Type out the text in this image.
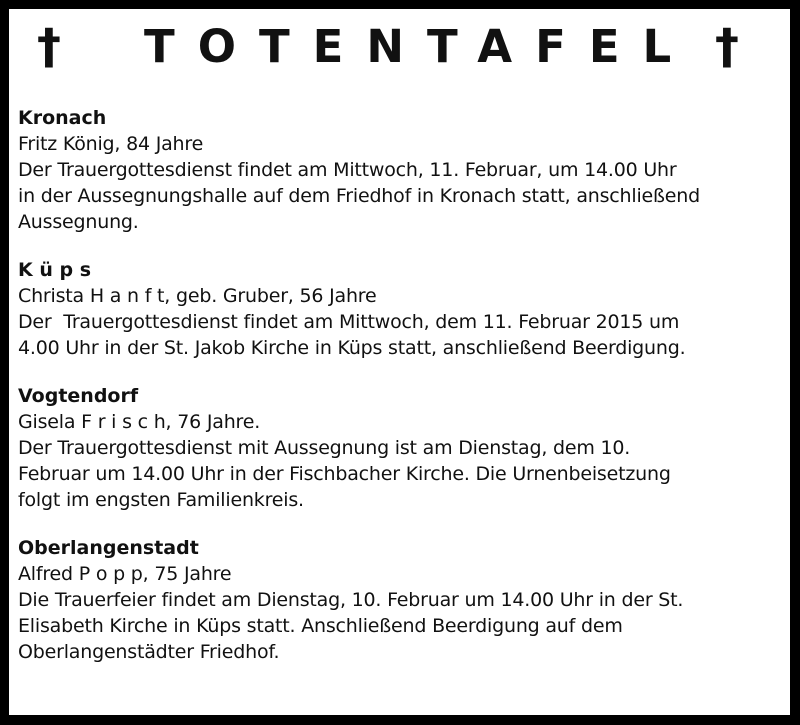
† TOTENTAFEL †
Kronach
Fritz König, 84 Jahre
Der Trauergottesdienst findet am Mittwoch, 11. Februar, um 14.00 Uhr
in der Aussegnungshalle auf dem Friedhof in Kronach statt, anschließend
Aussegnung.
K ü p s
Christa H a n f t, geb. Gruber, 56 Jahre
Der  Trauergottesdienst findet am Mittwoch, dem 11. Februar 2015 um
4.00 Uhr in der St. Jakob Kirche in Küps statt, anschließend Beerdigung.
Vogtendorf
Gisela F r i s c h, 76 Jahre.
Der Trauergottesdienst mit Aussegnung ist am Dienstag, dem 10.
Februar um 14.00 Uhr in der Fischbacher Kirche. Die Urnenbeisetzung
folgt im engsten Familienkreis.
Oberlangenstadt
Alfred P o p p, 75 Jahre
Die Trauerfeier findet am Dienstag, 10. Februar um 14.00 Uhr in der St.
Elisabeth Kirche in Küps statt. Anschließend Beerdigung auf dem
Oberlangenstädter Friedhof.
